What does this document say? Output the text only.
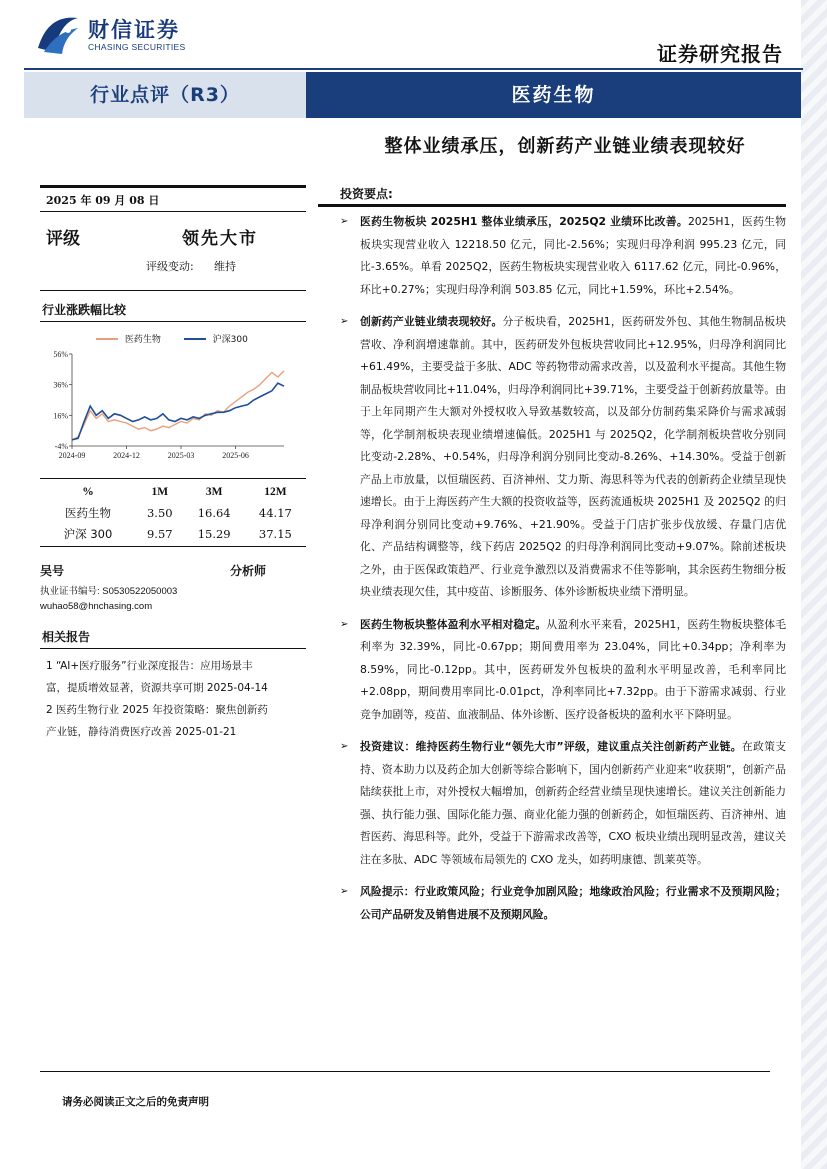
财信证券
CHASING SECURITIES	证券研究报告
行业点评（R3）	医药生物
整体业绩承压，创新药产业链业绩表现较好
2025 年 09 月 08 日
评级	领先大市
评级变动: 维持
行业涨跌幅比较
医药生物	沪深300
56%
36%
16%
-4%
2024-09	2024-12	2025-03	2025-06
%	1M	3M	12M
医药生物	3.50	16.64	44.17
沪深 300	9.57	15.29	37.15
吴号	分析师
执业证书编号: S0530522050003
wuhao58@hnchasing.com
相关报告
1 “AI+医疗服务”行业深度报告：应用场景丰
富，提质增效显著，资源共享可期 2025-04-14
2 医药生物行业 2025 年投资策略：聚焦创新药
产业链，静待消费医疗改善 2025-01-21
投资要点:
➢ 医药生物板块 2025H1 整体业绩承压，2025Q2 业绩环比改善。2025H1，医药生物板块实现营业收入 12218.50 亿元，同比-2.56%；实现归母净利润 995.23 亿元，同比-3.65%。单看 2025Q2，医药生物板块实现营业收入 6117.62 亿元，同比-0.96%，环比+0.27%；实现归母净利润 503.85 亿元，同比+1.59%，环比+2.54%。
➢ 创新药产业链业绩表现较好。分子板块看，2025H1，医药研发外包、其他生物制品板块营收、净利润增速靠前。其中，医药研发外包板块营收同比+12.95%，归母净利润同比+61.49%，主要受益于多肽、ADC 等药物带动需求改善，以及盈利水平提高。其他生物制品板块营收同比+11.04%，归母净利润同比+39.71%，主要受益于创新药放量等。由于上年同期产生大额对外授权收入导致基数较高，以及部分仿制药集采降价与需求减弱等，化学制剂板块表现业绩增速偏低。2025H1 与 2025Q2，化学制剂板块营收分别同比变动-2.28%、+0.54%，归母净利润分别同比变动-8.26%、+14.30%。受益于创新产品上市放量，以恒瑞医药、百济神州、艾力斯、海思科等为代表的创新药企业绩呈现快速增长。由于上海医药产生大额的投资收益等，医药流通板块 2025H1 及 2025Q2 的归母净利润分别同比变动+9.76%、+21.90%。受益于门店扩张步伐放缓、存量门店优化、产品结构调整等，线下药店 2025Q2 的归母净利润同比变动+9.07%。除前述板块之外，由于医保政策趋严、行业竞争激烈以及消费需求不佳等影响，其余医药生物细分板块业绩表现欠佳，其中疫苗、诊断服务、体外诊断板块业绩下滑明显。
➢ 医药生物板块整体盈利水平相对稳定。从盈利水平来看，2025H1，医药生物板块整体毛利率为 32.39%，同比-0.67pp；期间费用率为 23.04%，同比+0.34pp；净利率为 8.59%，同比-0.12pp。其中，医药研发外包板块的盈利水平明显改善，毛利率同比+2.08pp，期间费用率同比-0.01pct，净利率同比+7.32pp。由于下游需求减弱、行业竞争加剧等，疫苗、血液制品、体外诊断、医疗设备板块的盈利水平下降明显。
➢ 投资建议：维持医药生物行业“领先大市”评级，建议重点关注创新药产业链。在政策支持、资本助力以及药企加大创新等综合影响下，国内创新药产业迎来“收获期”，创新产品陆续获批上市，对外授权大幅增加，创新药企经营业绩呈现快速增长。建议关注创新能力强、执行能力强、国际化能力强、商业化能力强的创新药企，如恒瑞医药、百济神州、迪哲医药、海思科等。此外，受益于下游需求改善等，CXO 板块业绩出现明显改善，建议关注在多肽、ADC 等领域布局领先的 CXO 龙头，如药明康德、凯莱英等。
➢ 风险提示：行业政策风险；行业竞争加剧风险；地缘政治风险；行业需求不及预期风险；公司产品研发及销售进展不及预期风险。
请务必阅读正文之后的免责声明
